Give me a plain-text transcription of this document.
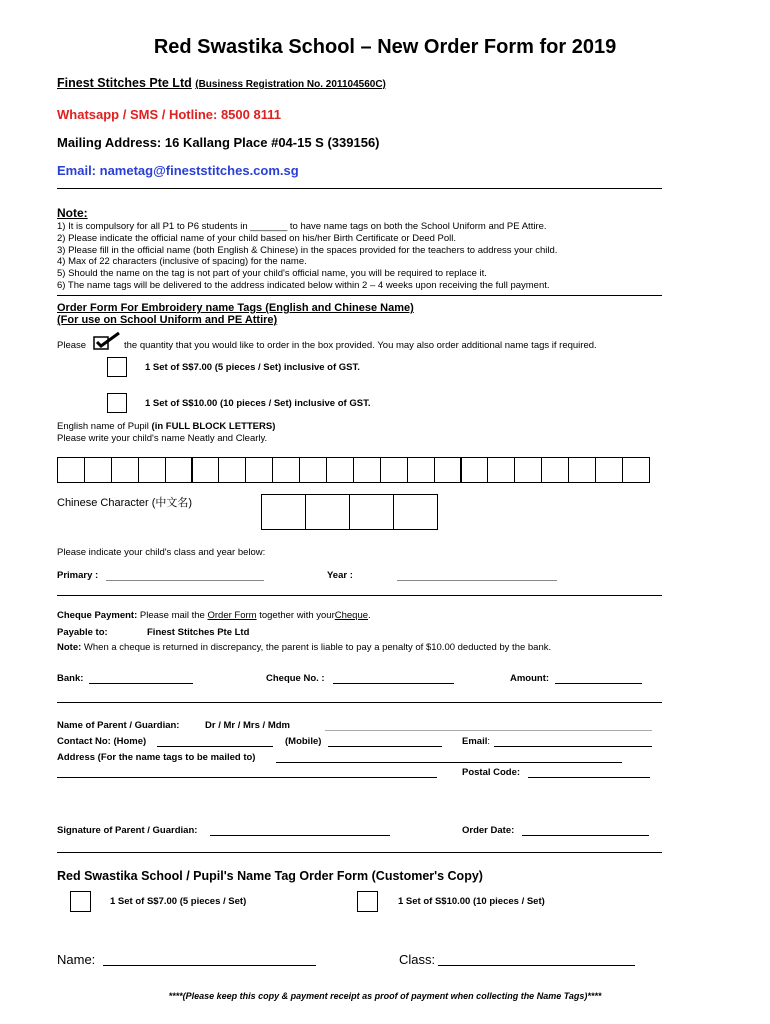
Red Swastika School – New Order Form for 2019
Finest Stitches Pte Ltd (Business Registration No. 201104560C)
Whatsapp / SMS / Hotline: 8500 8111
Mailing Address: 16 Kallang Place #04-15 S (339156)
Email: nametag@fineststitches.com.sg
Note:
1) It is compulsory for all P1 to P6 students in _______ to have name tags on both the School Uniform and PE Attire.
2) Please indicate the official name of your child based on his/her Birth Certificate or Deed Poll.
3) Please fill in the official name (both English & Chinese) in the spaces provided for the teachers to address your child.
4) Max of 22 characters (inclusive of spacing) for the name.
5) Should the name on the tag is not part of your child's official name, you will be required to replace it.
6) The name tags will be delivered to the address indicated below within 2 – 4 weeks upon receiving the full payment.
Order Form For Embroidery name Tags (English and Chinese Name)
(For use on School Uniform and PE Attire)
Please	the quantity that you would like to order in the box provided. You may also order additional name tags if required.
1 Set of S$7.00 (5 pieces / Set) inclusive of GST.
1 Set of S$10.00 (10 pieces / Set) inclusive of GST.
English name of Pupil (in FULL BLOCK LETTERS)
Please write your child's name Neatly and Clearly.
Chinese Character (中文名)
Please indicate your child's class and year below:
Primary :	Year :
Cheque Payment: Please mail the Order Form together with yourCheque.
Payable to:	Finest Stitches Pte Ltd
Note: When a cheque is returned in discrepancy, the parent is liable to pay a penalty of $10.00 deducted by the bank.
Bank:	Cheque No. :	Amount:
Name of Parent / Guardian:	Dr / Mr / Mrs / Mdm
Contact No: (Home)	(Mobile)	Email:
Address (For the name tags to be mailed to)
Postal Code:
Signature of Parent / Guardian:	Order Date:
Red Swastika School / Pupil's Name Tag Order Form (Customer's Copy)
1 Set of S$7.00 (5 pieces / Set)	1 Set of S$10.00 (10 pieces / Set)
Name:	Class:
****(Please keep this copy & payment receipt as proof of payment when collecting the Name Tags)****
